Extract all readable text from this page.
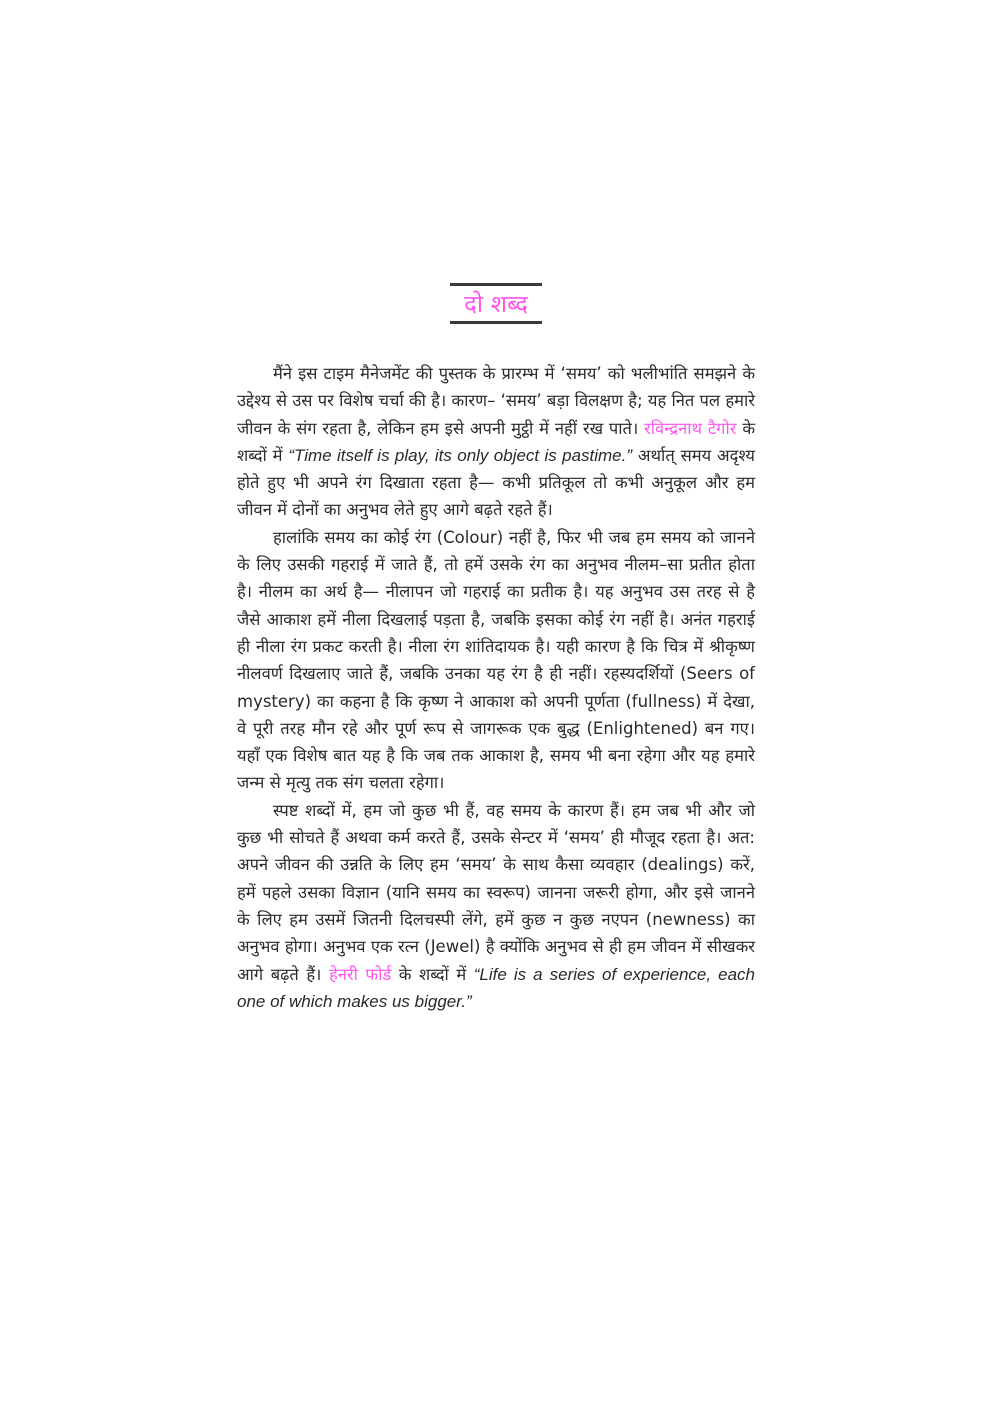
दो शब्द

मैंने इस टाइम मैनेजमेंट की पुस्तक के प्रारम्भ में ‘समय’ को भलीभांति समझने के उद्देश्य से उस पर विशेष चर्चा की है। कारण– ‘समय’ बड़ा विलक्षण है; यह नित पल हमारे जीवन के संग रहता है, लेकिन हम इसे अपनी मुट्ठी में नहीं रख पाते। रविन्द्रनाथ टैगोर के शब्दों में “Time itself is play, its only object is pastime.” अर्थात् समय अदृश्य होते हुए भी अपने रंग दिखाता रहता है— कभी प्रतिकूल तो कभी अनुकूल और हम जीवन में दोनों का अनुभव लेते हुए आगे बढ़ते रहते हैं।

हालांकि समय का कोई रंग (Colour) नहीं है, फिर भी जब हम समय को जानने के लिए उसकी गहराई में जाते हैं, तो हमें उसके रंग का अनुभव नीलम–सा प्रतीत होता है। नीलम का अर्थ है— नीलापन जो गहराई का प्रतीक है। यह अनुभव उस तरह से है जैसे आकाश हमें नीला दिखलाई पड़ता है, जबकि इसका कोई रंग नहीं है। अनंत गहराई ही नीला रंग प्रकट करती है। नीला रंग शांतिदायक है। यही कारण है कि चित्र में श्रीकृष्ण नीलवर्ण दिखलाए जाते हैं, जबकि उनका यह रंग है ही नहीं। रहस्यदर्शियों (Seers of mystery) का कहना है कि कृष्ण ने आकाश को अपनी पूर्णता (fullness) में देखा, वे पूरी तरह मौन रहे और पूर्ण रूप से जागरूक एक बुद्ध (Enlightened) बन गए। यहाँ एक विशेष बात यह है कि जब तक आकाश है, समय भी बना रहेगा और यह हमारे जन्म से मृत्यु तक संग चलता रहेगा।

स्पष्ट शब्दों में, हम जो कुछ भी हैं, वह समय के कारण हैं। हम जब भी और जो कुछ भी सोचते हैं अथवा कर्म करते हैं, उसके सेन्टर में ‘समय’ ही मौजूद रहता है। अत: अपने जीवन की उन्नति के लिए हम ‘समय’ के साथ कैसा व्यवहार (dealings) करें, हमें पहले उसका विज्ञान (यानि समय का स्वरूप) जानना जरूरी होगा, और इसे जानने के लिए हम उसमें जितनी दिलचस्पी लेंगे, हमें कुछ न कुछ नएपन (newness) का अनुभव होगा। अनुभव एक रत्न (Jewel) है क्योंकि अनुभव से ही हम जीवन में सीखकर आगे बढ़ते हैं। हेनरी फोर्ड के शब्दों में “Life is a series of experience, each one of which makes us bigger.”
